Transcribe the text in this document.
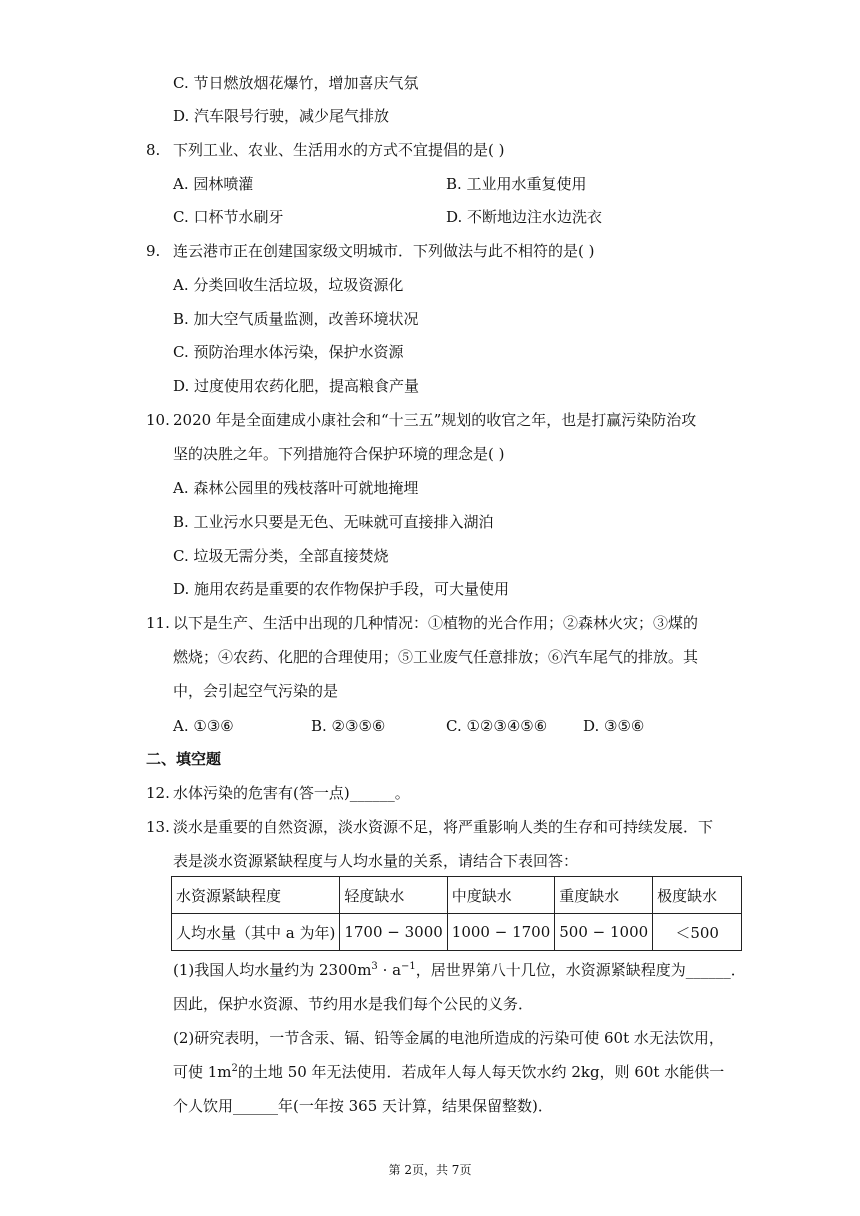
C. 节日燃放烟花爆竹，增加喜庆气氛
D. 汽车限号行驶，减少尾气排放
8. 下列工业、农业、生活用水的方式不宜提倡的是( )
A. 园林喷灌	B. 工业用水重复使用
C. 口杯节水刷牙	D. 不断地边注水边洗衣
9. 连云港市正在创建国家级文明城市．下列做法与此不相符的是( )
A. 分类回收生活垃圾，垃圾资源化
B. 加大空气质量监测，改善环境状况
C. 预防治理水体污染，保护水资源
D. 过度使用农药化肥，提高粮食产量
10. 2020 年是全面建成小康社会和“十三五”规划的收官之年，也是打赢污染防治攻
坚的决胜之年。下列措施符合保护环境的理念是( )
A. 森林公园里的残枝落叶可就地掩埋
B. 工业污水只要是无色、无味就可直接排入湖泊
C. 垃圾无需分类，全部直接焚烧
D. 施用农药是重要的农作物保护手段，可大量使用
11. 以下是生产、生活中出现的几种情况：①植物的光合作用；②森林火灾；③煤的
燃烧；④农药、化肥的合理使用；⑤工业废气任意排放；⑥汽车尾气的排放。其
中，会引起空气污染的是
A. ①③⑥	B. ②③⑤⑥	C. ①②③④⑤⑥ D. ③⑤⑥
二、填空题
12. 水体污染的危害有(答一点)______。
13. 淡水是重要的自然资源，淡水资源不足，将严重影响人类的生存和可持续发展．下
表是淡水资源紧缺程度与人均水量的关系，请结合下表回答：
水资源紧缺程度	轻度缺水	中度缺水	重度缺水	极度缺水
人均水量（其中 a 为年)	1700 − 3000	1000 − 1700	500 − 1000	＜500
(1)我国人均水量约为 $2300m^3 \cdot a^{-1}$，居世界第八十几位，水资源紧缺程度为______．
因此，保护水资源、节约用水是我们每个公民的义务．
(2)研究表明，一节含汞、镉、铅等金属的电池所造成的污染可使 60t 水无法饮用，
可使 $1m^2$的土地 50 年无法使用．若成年人每人每天饮水约 2kg，则 60t 水能供一
个人饮用______年(一年按 365 天计算，结果保留整数)．
第 2页，共 7页
